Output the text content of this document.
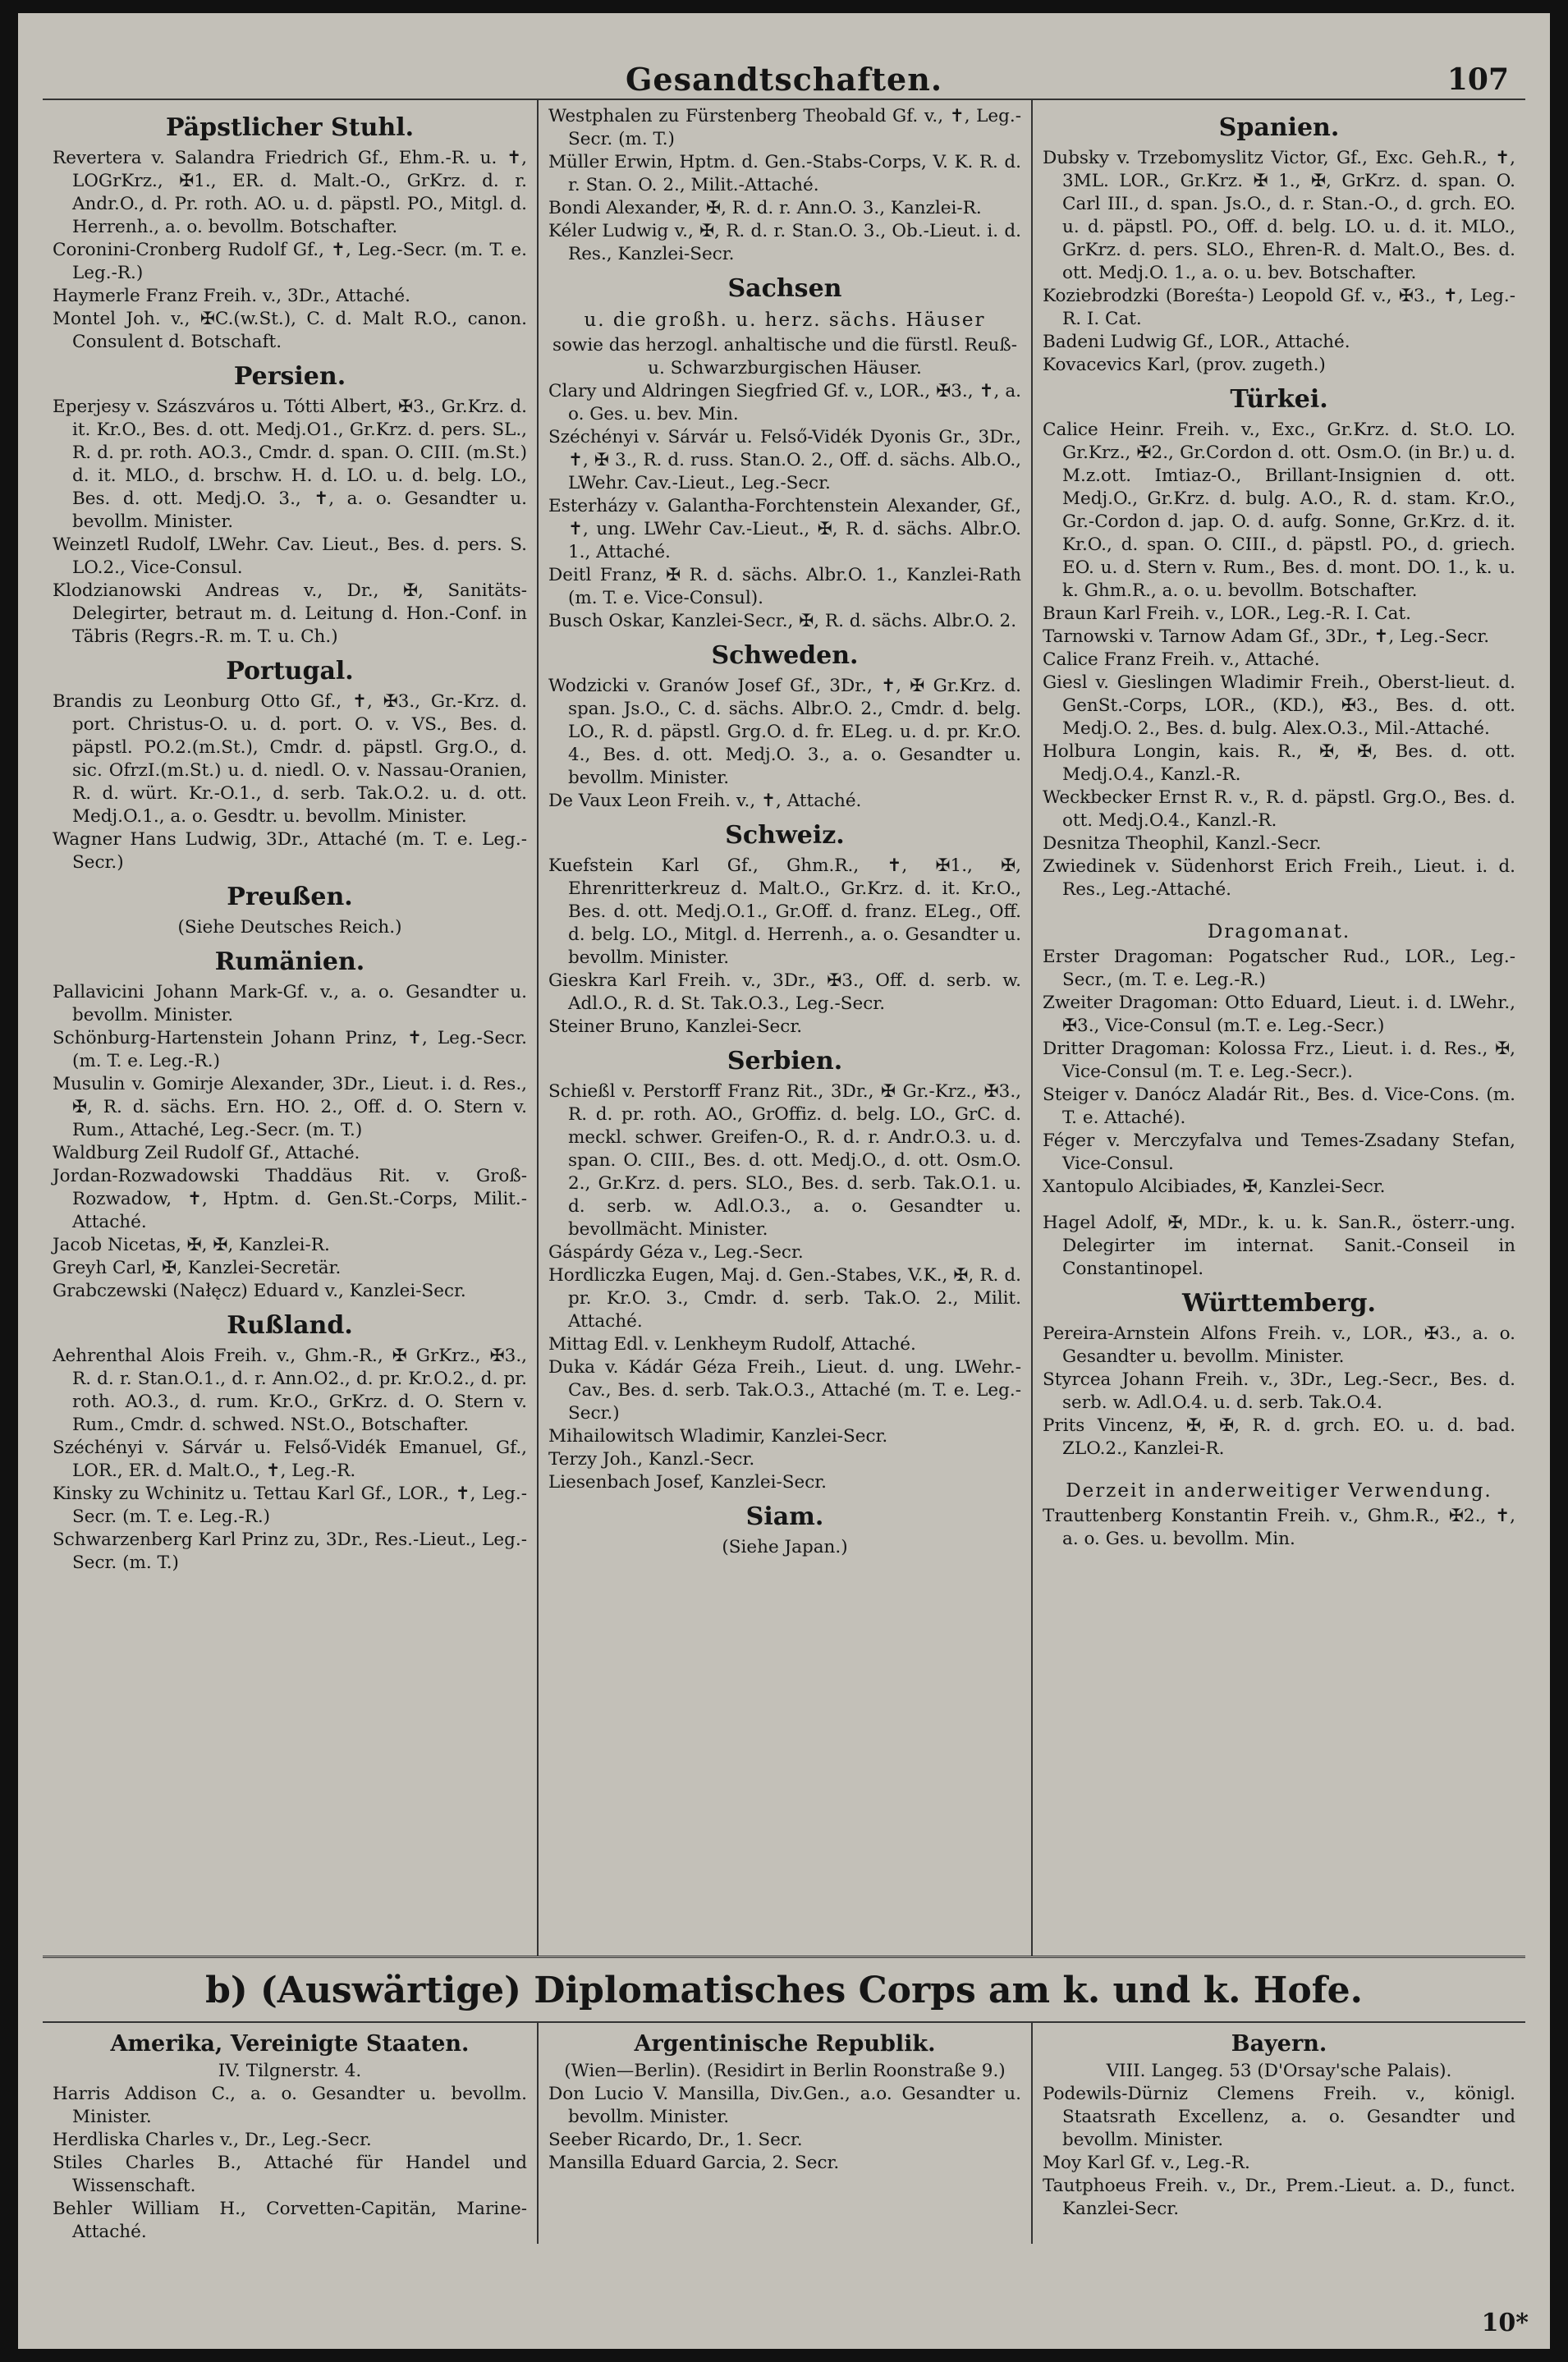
Gesandtschaften.	107
Päpstlicher Stuhl.
Revertera v. Salandra Friedrich Gf., Ehm.-R. u. ✝, LOGrKrz., ✠1., ER. d. Malt.-O., GrKrz. d. r. Andr.O., d. Pr. roth. AO. u. d. päpstl. PO., Mitgl. d. Herrenh., a. o. bevollm. Botschafter.
Coronini-Cronberg Rudolf Gf., ✝, Leg.-Secr. (m. T. e. Leg.-R.)
Haymerle Franz Freih. v., 3Dr., Attaché.
Montel Joh. v., ✠C.(w.St.), C. d. Malt R.O., canon. Consulent d. Botschaft.
Persien.
Eperjesy v. Szászváros u. Tótti Albert, ✠3., Gr.Krz. d. it. Kr.O., Bes. d. ott. Medj.O1., Gr.Krz. d. pers. SL., R. d. pr. roth. AO.3., Cmdr. d. span. O. CIII. (m.St.) d. it. MLO., d. brschw. H. d. LO. u. d. belg. LO., Bes. d. ott. Medj.O. 3., ✝, a. o. Gesandter u. bevollm. Minister.
Weinzetl Rudolf, LWehr. Cav. Lieut., Bes. d. pers. S. LO.2., Vice-Consul.
Klodzianowski Andreas v., Dr., ✠, Sanitäts-Delegirter, betraut m. d. Leitung d. Hon.-Conf. in Täbris (Regrs.-R. m. T. u. Ch.)
Portugal.
Brandis zu Leonburg Otto Gf., ✝, ✠3., Gr.-Krz. d. port. Christus-O. u. d. port. O. v. VS., Bes. d. päpstl. PO.2.(m.St.), Cmdr. d. päpstl. Grg.O., d. sic. OfrzI.(m.St.) u. d. niedl. O. v. Nassau-Oranien, R. d. würt. Kr.-O.1., d. serb. Tak.O.2. u. d. ott. Medj.O.1., a. o. Gesdtr. u. bevollm. Minister.
Wagner Hans Ludwig, 3Dr., Attaché (m. T. e. Leg.-Secr.)
Preußen.
(Siehe Deutsches Reich.)
Rumänien.
Pallavicini Johann Mark-Gf. v., a. o. Gesandter u. bevollm. Minister.
Schönburg-Hartenstein Johann Prinz, ✝, Leg.-Secr. (m. T. e. Leg.-R.)
Musulin v. Gomirje Alexander, 3Dr., Lieut. i. d. Res., ✠, R. d. sächs. Ern. HO. 2., Off. d. O. Stern v. Rum., Attaché, Leg.-Secr. (m. T.)
Waldburg Zeil Rudolf Gf., Attaché.
Jordan-Rozwadowski Thaddäus Rit. v. Groß-Rozwadow, ✝, Hptm. d. Gen.St.-Corps, Milit.-Attaché.
Jacob Nicetas, ✠, ✠, Kanzlei-R.
Greyh Carl, ✠, Kanzlei-Secretär.
Grabczewski (Nałęcz) Eduard v., Kanzlei-Secr.
Rußland.
Aehrenthal Alois Freih. v., Ghm.-R., ✠ GrKrz., ✠3., R. d. r. Stan.O.1., d. r. Ann.O2., d. pr. Kr.O.2., d. pr. roth. AO.3., d. rum. Kr.O., GrKrz. d. O. Stern v. Rum., Cmdr. d. schwed. NSt.O., Botschafter.
Széchényi v. Sárvár u. Felső-Vidék Emanuel, Gf., LOR., ER. d. Malt.O., ✝, Leg.-R.
Kinsky zu Wchinitz u. Tettau Karl Gf., LOR., ✝, Leg.-Secr. (m. T. e. Leg.-R.)
Schwarzenberg Karl Prinz zu, 3Dr., Res.-Lieut., Leg.-Secr. (m. T.)
Westphalen zu Fürstenberg Theobald Gf. v., ✝, Leg.-Secr. (m. T.)
Müller Erwin, Hptm. d. Gen.-Stabs-Corps, V. K. R. d. r. Stan. O. 2., Milit.-Attaché.
Bondi Alexander, ✠, R. d. r. Ann.O. 3., Kanzlei-R.
Kéler Ludwig v., ✠, R. d. r. Stan.O. 3., Ob.-Lieut. i. d. Res., Kanzlei-Secr.
Sachsen
u. die großh. u. herz. sächs. Häuser
sowie das herzogl. anhaltische und die fürstl. Reuß- u. Schwarzburgischen Häuser.
Clary und Aldringen Siegfried Gf. v., LOR., ✠3., ✝, a. o. Ges. u. bev. Min.
Széchényi v. Sárvár u. Felső-Vidék Dyonis Gr., 3Dr., ✝, ✠ 3., R. d. russ. Stan.O. 2., Off. d. sächs. Alb.O., LWehr. Cav.-Lieut., Leg.-Secr.
Esterházy v. Galantha-Forchtenstein Alexander, Gf., ✝, ung. LWehr Cav.-Lieut., ✠, R. d. sächs. Albr.O. 1., Attaché.
Deitl Franz, ✠ R. d. sächs. Albr.O. 1., Kanzlei-Rath (m. T. e. Vice-Consul).
Busch Oskar, Kanzlei-Secr., ✠, R. d. sächs. Albr.O. 2.
Schweden.
Wodzicki v. Granów Josef Gf., 3Dr., ✝, ✠ Gr.Krz. d. span. Js.O., C. d. sächs. Albr.O. 2., Cmdr. d. belg. LO., R. d. päpstl. Grg.O. d. fr. ELeg. u. d. pr. Kr.O. 4., Bes. d. ott. Medj.O. 3., a. o. Gesandter u. bevollm. Minister.
De Vaux Leon Freih. v., ✝, Attaché.
Schweiz.
Kuefstein Karl Gf., Ghm.R., ✝, ✠1., ✠, Ehrenritterkreuz d. Malt.O., Gr.Krz. d. it. Kr.O., Bes. d. ott. Medj.O.1., Gr.Off. d. franz. ELeg., Off. d. belg. LO., Mitgl. d. Herrenh., a. o. Gesandter u. bevollm. Minister.
Gieskra Karl Freih. v., 3Dr., ✠3., Off. d. serb. w. Adl.O., R. d. St. Tak.O.3., Leg.-Secr.
Steiner Bruno, Kanzlei-Secr.
Serbien.
Schießl v. Perstorff Franz Rit., 3Dr., ✠ Gr.-Krz., ✠3., R. d. pr. roth. AO., GrOffiz. d. belg. LO., GrC. d. meckl. schwer. Greifen-O., R. d. r. Andr.O.3. u. d. span. O. CIII., Bes. d. ott. Medj.O., d. ott. Osm.O. 2., Gr.Krz. d. pers. SLO., Bes. d. serb. Tak.O.1. u. d. serb. w. Adl.O.3., a. o. Gesandter u. bevollmächt. Minister.
Gáspárdy Géza v., Leg.-Secr.
Hordliczka Eugen, Maj. d. Gen.-Stabes, V.K., ✠, R. d. pr. Kr.O. 3., Cmdr. d. serb. Tak.O. 2., Milit. Attaché.
Mittag Edl. v. Lenkheym Rudolf, Attaché.
Duka v. Kádár Géza Freih., Lieut. d. ung. LWehr.-Cav., Bes. d. serb. Tak.O.3., Attaché (m. T. e. Leg.-Secr.)
Mihailowitsch Wladimir, Kanzlei-Secr.
Terzy Joh., Kanzl.-Secr.
Liesenbach Josef, Kanzlei-Secr.
Siam.
(Siehe Japan.)
Spanien.
Dubsky v. Trzebomyslitz Victor, Gf., Exc. Geh.R., ✝, 3ML. LOR., Gr.Krz. ✠ 1., ✠, GrKrz. d. span. O. Carl III., d. span. Js.O., d. r. Stan.-O., d. grch. EO. u. d. päpstl. PO., Off. d. belg. LO. u. d. it. MLO., GrKrz. d. pers. SLO., Ehren-R. d. Malt.O., Bes. d. ott. Medj.O. 1., a. o. u. bev. Botschafter.
Koziebrodzki (Boreśta-) Leopold Gf. v., ✠3., ✝, Leg.-R. I. Cat.
Badeni Ludwig Gf., LOR., Attaché.
Kovacevics Karl, (prov. zugeth.)
Türkei.
Calice Heinr. Freih. v., Exc., Gr.Krz. d. St.O. LO. Gr.Krz., ✠2., Gr.Cordon d. ott. Osm.O. (in Br.) u. d. M.z.ott. Imtiaz-O., Brillant-Insignien d. ott. Medj.O., Gr.Krz. d. bulg. A.O., R. d. stam. Kr.O., Gr.-Cordon d. jap. O. d. aufg. Sonne, Gr.Krz. d. it. Kr.O., d. span. O. CIII., d. päpstl. PO., d. griech. EO. u. d. Stern v. Rum., Bes. d. mont. DO. 1., k. u. k. Ghm.R., a. o. u. bevollm. Botschafter.
Braun Karl Freih. v., LOR., Leg.-R. I. Cat.
Tarnowski v. Tarnow Adam Gf., 3Dr., ✝, Leg.-Secr.
Calice Franz Freih. v., Attaché.
Giesl v. Gieslingen Wladimir Freih., Oberst-lieut. d. GenSt.-Corps, LOR., (KD.), ✠3., Bes. d. ott. Medj.O. 2., Bes. d. bulg. Alex.O.3., Mil.-Attaché.
Holbura Longin, kais. R., ✠, ✠, Bes. d. ott. Medj.O.4., Kanzl.-R.
Weckbecker Ernst R. v., R. d. päpstl. Grg.O., Bes. d. ott. Medj.O.4., Kanzl.-R.
Desnitza Theophil, Kanzl.-Secr.
Zwiedinek v. Südenhorst Erich Freih., Lieut. i. d. Res., Leg.-Attaché.
Dragomanat.
Erster Dragoman: Pogatscher Rud., LOR., Leg.-Secr., (m. T. e. Leg.-R.)
Zweiter Dragoman: Otto Eduard, Lieut. i. d. LWehr., ✠3., Vice-Consul (m.T. e. Leg.-Secr.)
Dritter Dragoman: Kolossa Frz., Lieut. i. d. Res., ✠, Vice-Consul (m. T. e. Leg.-Secr.).
Steiger v. Danócz Aladár Rit., Bes. d. Vice-Cons. (m. T. e. Attaché).
Féger v. Merczyfalva und Temes-Zsadany Stefan, Vice-Consul.
Xantopulo Alcibiades, ✠, Kanzlei-Secr.
Hagel Adolf, ✠, MDr., k. u. k. San.R., österr.-ung. Delegirter im internat. Sanit.-Conseil in Constantinopel.
Württemberg.
Pereira-Arnstein Alfons Freih. v., LOR., ✠3., a. o. Gesandter u. bevollm. Minister.
Styrcea Johann Freih. v., 3Dr., Leg.-Secr., Bes. d. serb. w. Adl.O.4. u. d. serb. Tak.O.4.
Prits Vincenz, ✠, ✠, R. d. grch. EO. u. d. bad. ZLO.2., Kanzlei-R.
Derzeit in anderweitiger Verwendung.
Trauttenberg Konstantin Freih. v., Ghm.R., ✠2., ✝, a. o. Ges. u. bevollm. Min.
b) (Auswärtige) Diplomatisches Corps am k. und k. Hofe.
Amerika, Vereinigte Staaten.
IV. Tilgnerstr. 4.
Harris Addison C., a. o. Gesandter u. bevollm. Minister.
Herdliska Charles v., Dr., Leg.-Secr.
Stiles Charles B., Attaché für Handel und Wissenschaft.
Behler William H., Corvetten-Capitän, Marine-Attaché.
Argentinische Republik.
(Wien—Berlin). (Residirt in Berlin Roonstraße 9.)
Don Lucio V. Mansilla, Div.Gen., a.o. Gesandter u. bevollm. Minister.
Seeber Ricardo, Dr., 1. Secr.
Mansilla Eduard Garcia, 2. Secr.
Bayern.
VIII. Langeg. 53 (D'Orsay'sche Palais).
Podewils-Dürniz Clemens Freih. v., königl. Staatsrath Excellenz, a. o. Gesandter und bevollm. Minister.
Moy Karl Gf. v., Leg.-R.
Tautphoeus Freih. v., Dr., Prem.-Lieut. a. D., funct. Kanzlei-Secr.
10*
